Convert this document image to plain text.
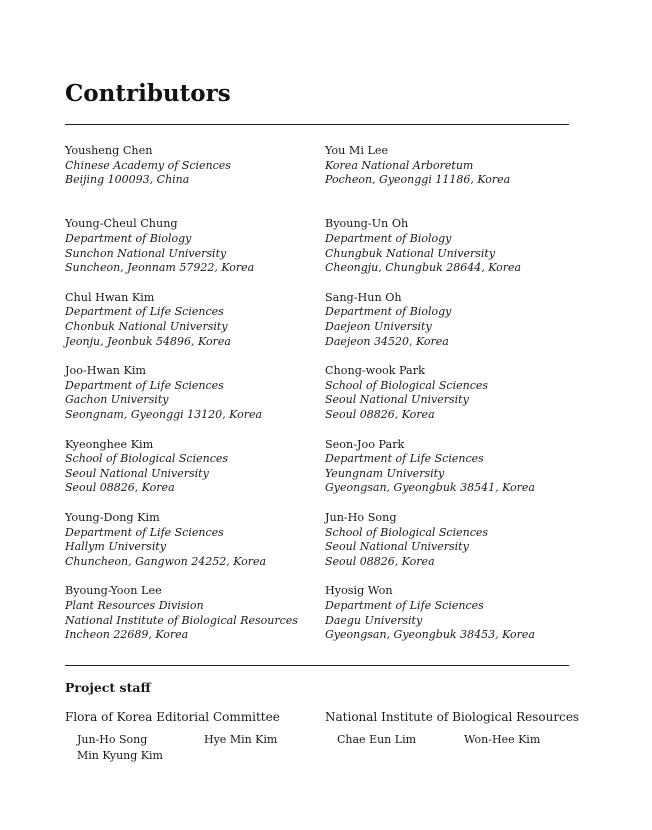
Contributors
Yousheng Chen
Chinese Academy of Sciences
Beijing 100093, China
Young-Cheul Chung
Department of Biology
Sunchon National University
Suncheon, Jeonnam 57922, Korea
Chul Hwan Kim
Department of Life Sciences
Chonbuk National University
Jeonju, Jeonbuk 54896, Korea
Joo-Hwan Kim
Department of Life Sciences
Gachon University
Seongnam, Gyeonggi 13120, Korea
Kyeonghee Kim
School of Biological Sciences
Seoul National University
Seoul 08826, Korea
Young-Dong Kim
Department of Life Sciences
Hallym University
Chuncheon, Gangwon 24252, Korea
Byoung-Yoon Lee
Plant Resources Division
National Institute of Biological Resources
Incheon 22689, Korea
You Mi Lee
Korea National Arboretum
Pocheon, Gyeonggi 11186, Korea
Byoung-Un Oh
Department of Biology
Chungbuk National University
Cheongju, Chungbuk 28644, Korea
Sang-Hun Oh
Department of Biology
Daejeon University
Daejeon 34520, Korea
Chong-wook Park
School of Biological Sciences
Seoul National University
Seoul 08826, Korea
Seon-Joo Park
Department of Life Sciences
Yeungnam University
Gyeongsan, Gyeongbuk 38541, Korea
Jun-Ho Song
School of Biological Sciences
Seoul National University
Seoul 08826, Korea
Hyosig Won
Department of Life Sciences
Daegu University
Gyeongsan, Gyeongbuk 38453, Korea
Project staff
Flora of Korea Editorial Committee
Jun-Ho Song	Hye Min Kim
Min Kyung Kim
National Institute of Biological Resources
Chae Eun Lim	Won-Hee Kim
